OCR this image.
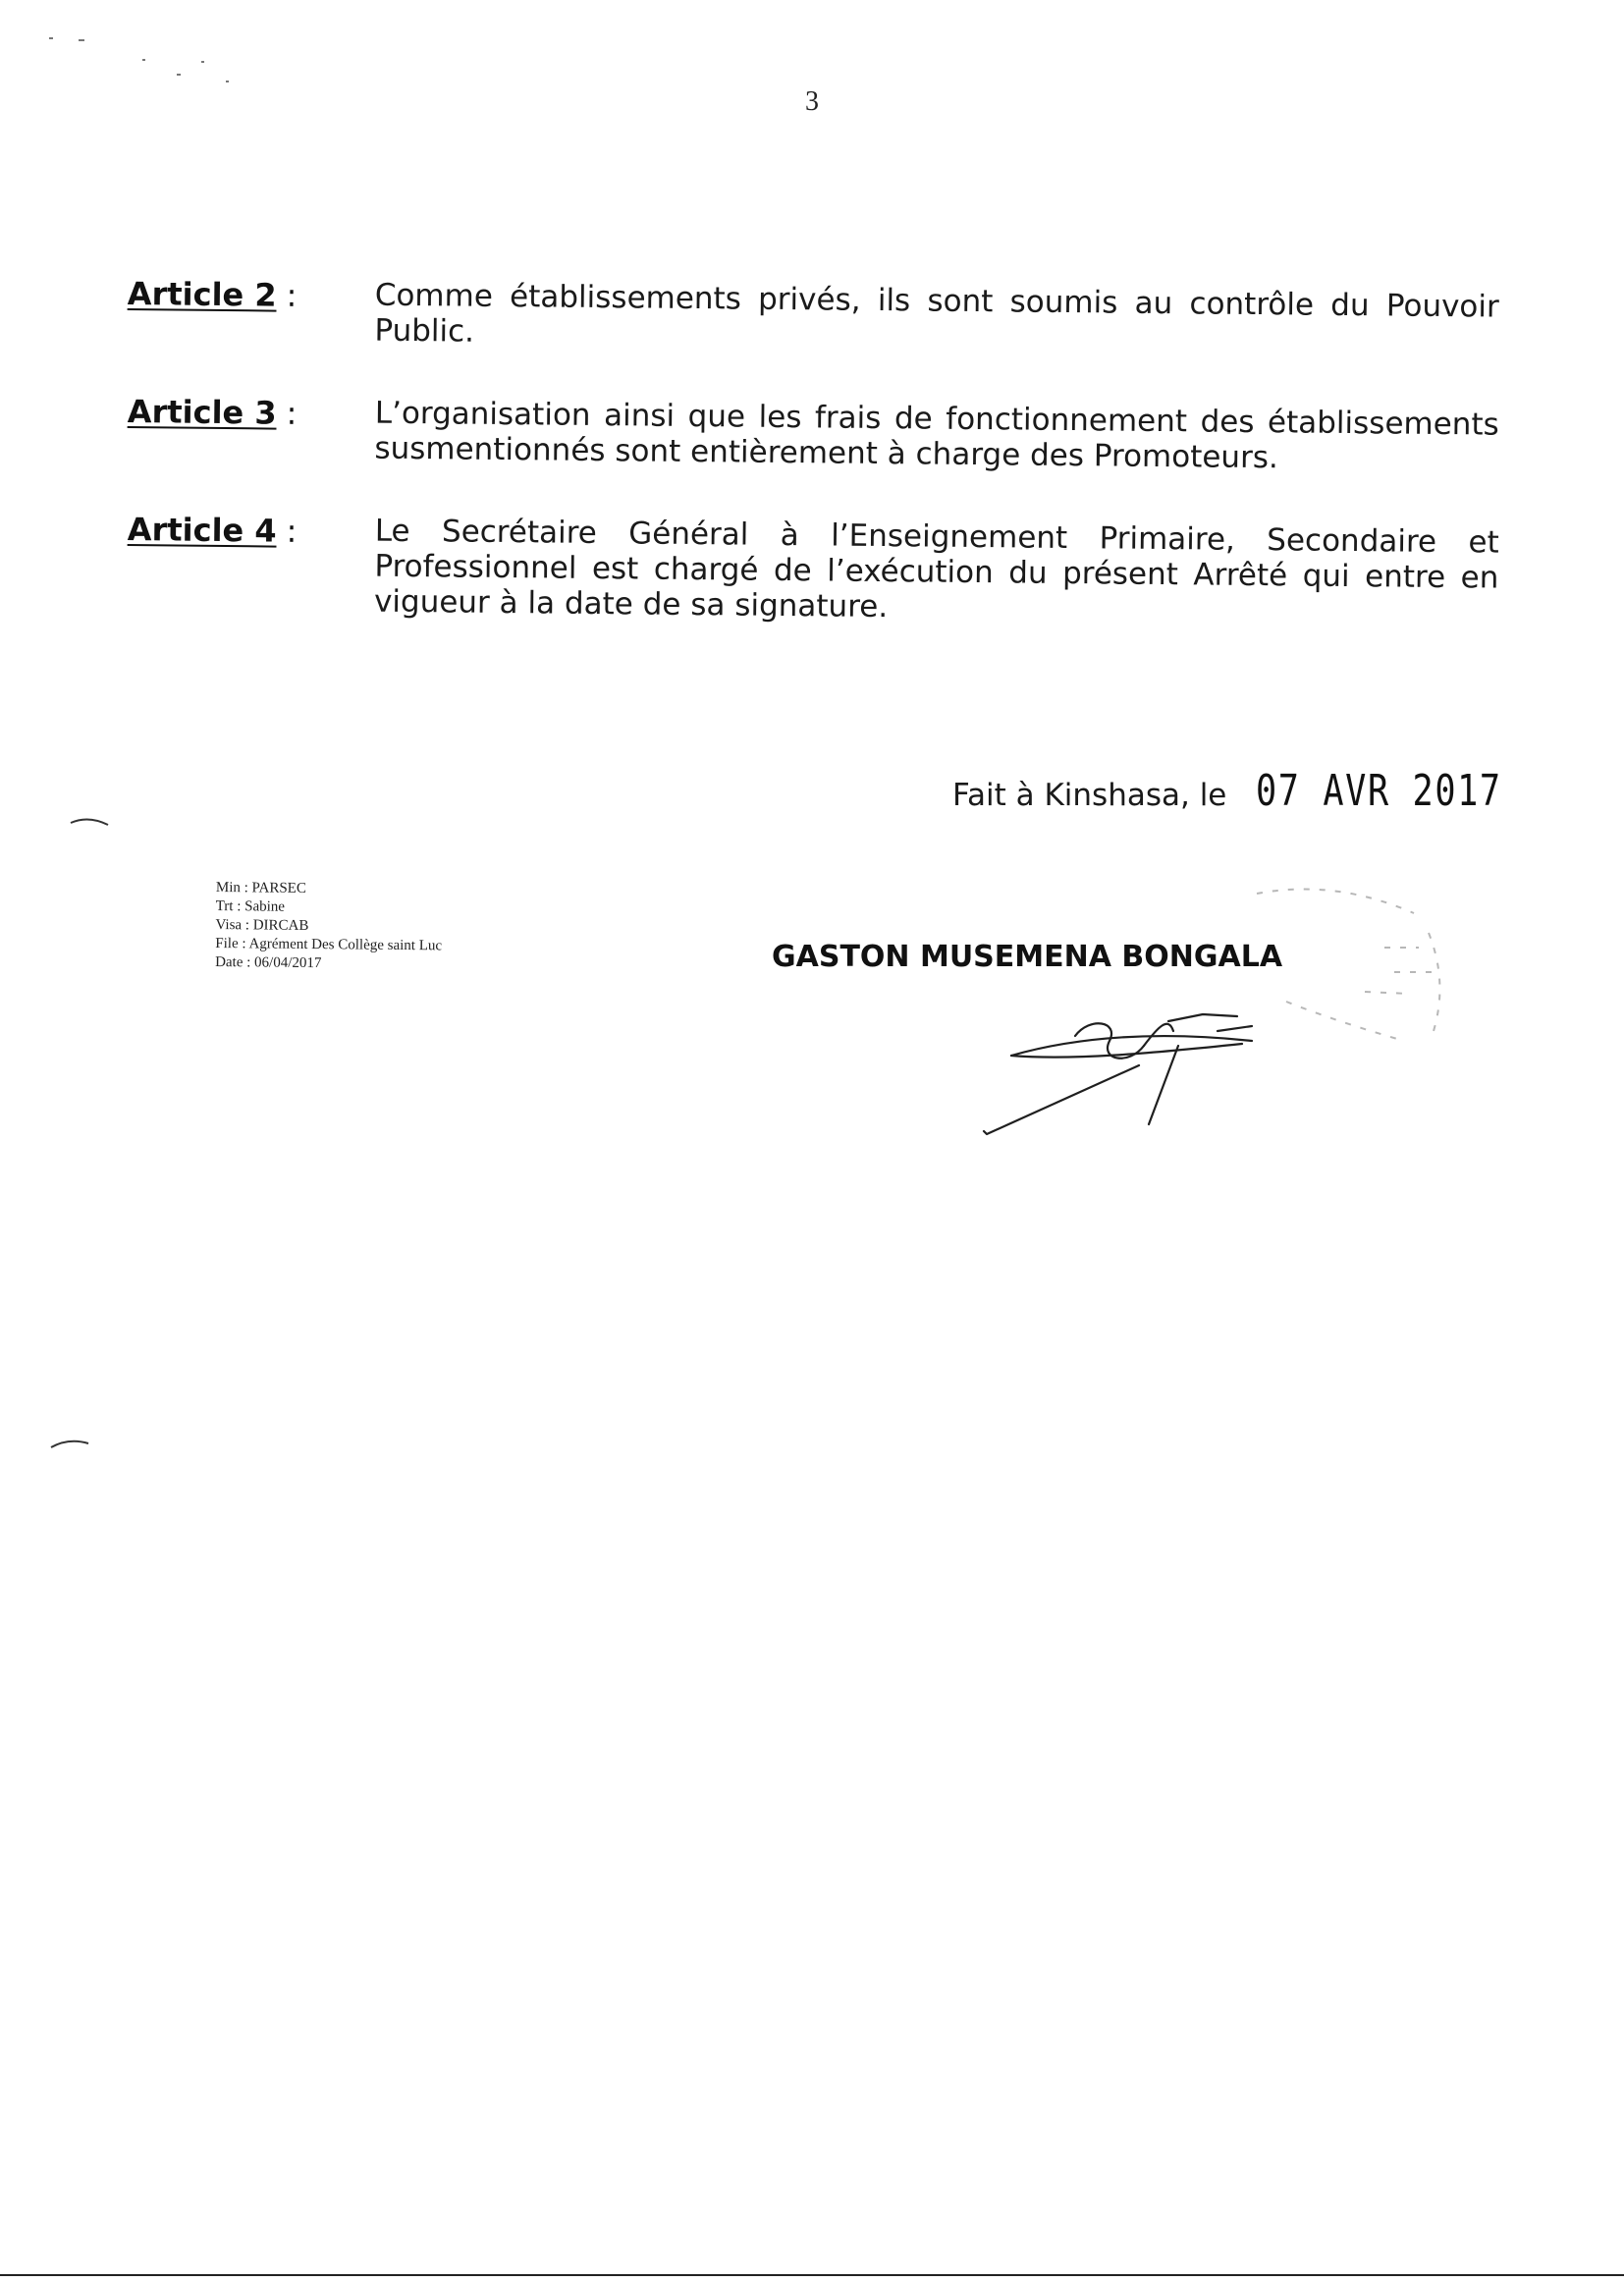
3
Article 2 :	Comme établissements privés, ils sont soumis au contrôle du Pouvoir Public.
Article 3 :	L’organisation ainsi que les frais de fonctionnement des établissements susmentionnés sont entièrement à charge des Promoteurs.
Article 4 :	Le Secrétaire Général à l’Enseignement Primaire, Secondaire et Professionnel est chargé de l’exécution du présent Arrêté qui entre en vigueur à la date de sa signature.
Fait à Kinshasa, le 07 AVR 2017
Min : PARSEC
Trt : Sabine
Visa : DIRCAB
File : Agrément Des Collège saint Luc
Date : 06/04/2017	GASTON MUSEMENA BONGALA
